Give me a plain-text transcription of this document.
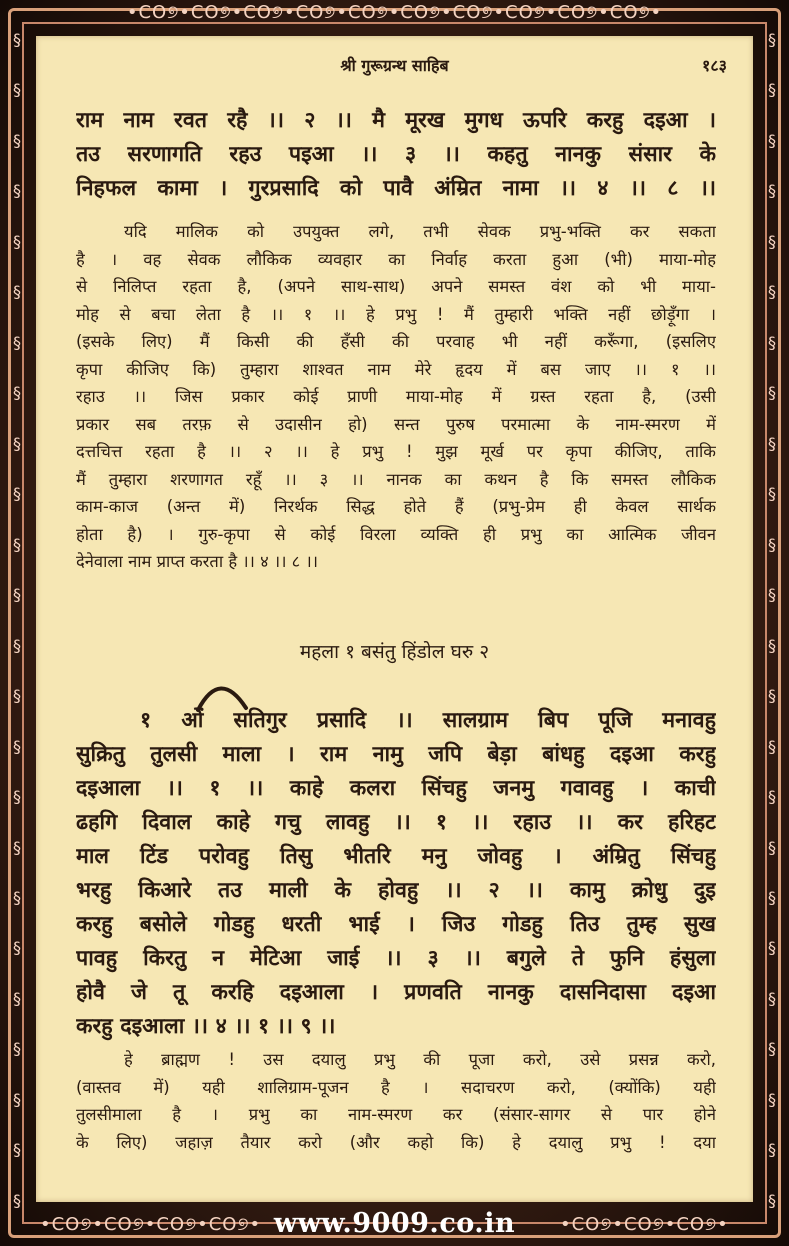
•CO୭•CO୭•CO୭•CO୭•CO୭•CO୭•CO୭•CO୭•CO୭•CO୭•
§
§
§
§
§
§
§
§
§
§
§
§
§
§
§
§
§
§
§
§
§
§
§
§
§
§
§
§
§
§
§
§
§
§
§
§
§
§
§
§
§
§
§
§
§
§
§
§
श्री गुरूग्रन्थ साहिब	१८३
राम नाम रवत रहै ।। २ ।। मै मूरख मुगध ऊपरि करहु दइआ ।
तउ सरणागति रहउ पइआ ।। ३ ।। कहतु नानकु संसार के
निहफल कामा । गुरप्रसादि को पावै अंम्रित नामा ।। ४ ।। ८ ।।
यदि मालिक को उपयुक्त लगे, तभी सेवक प्रभु-भक्ति कर सकता
है । वह सेवक लौकिक व्यवहार का निर्वाह करता हुआ (भी) माया-मोह
से निलिप्त रहता है, (अपने साथ-साथ) अपने समस्त वंश को भी माया-
मोह से बचा लेता है ।। १ ।। हे प्रभु ! मैं तुम्हारी भक्ति नहीं छोड़ूँगा ।
(इसके लिए) मैं किसी की हँसी की परवाह भी नहीं करूँगा, (इसलिए
कृपा कीजिए कि) तुम्हारा शाश्वत नाम मेरे हृदय में बस जाए ।। १ ।।
रहाउ ।। जिस प्रकार कोई प्राणी माया-मोह में ग्रस्त रहता है, (उसी
प्रकार सब तरफ़ से उदासीन हो) सन्त पुरुष परमात्मा के नाम-स्मरण में
दत्तचित्त रहता है ।। २ ।। हे प्रभु ! मुझ मूर्ख पर कृपा कीजिए, ताकि
मैं तुम्हारा शरणागत रहूँ ।। ३ ।। नानक का कथन है कि समस्त लौकिक
काम-काज (अन्त में) निरर्थक सिद्ध होते हैं (प्रभु-प्रेम ही केवल सार्थक
होता है) । गुरु-कृपा से कोई विरला व्यक्ति ही प्रभु का आत्मिक जीवन
देनेवाला नाम प्राप्त करता है ।। ४ ।। ८ ।।
महला १ बसंतु हिंडोल घरु २
१ ओं सतिगुर प्रसादि ।। सालग्राम बिप पूजि मनावहु
सुक्रितु तुलसी माला । राम नामु जपि बेड़ा बांधहु दइआ करहु
दइआला ।। १ ।। काहे कलरा सिंचहु जनमु गवावहु । काची
ढहगि दिवाल काहे गचु लावहु ।। १ ।। रहाउ ।। कर हरिहट
माल टिंड परोवहु तिसु भीतरि मनु जोवहु । अंम्रितु सिंचहु
भरहु किआरे तउ माली के होवहु ।। २ ।। कामु क्रोधु दुइ
करहु बसोले गोडहु धरती भाई । जिउ गोडहु तिउ तुम्ह सुख
पावहु किरतु न मेटिआ जाई ।। ३ ।। बगुले ते फुनि हंसुला
होवै जे तू करहि दइआला । प्रणवति नानकु दासनिदासा दइआ
करहु दइआला ।। ४ ।। १ ।। ९ ।।
हे ब्राह्मण ! उस दयालु प्रभु की पूजा करो, उसे प्रसन्न करो,
(वास्तव में) यही शालिग्राम-पूजन है । सदाचरण करो, (क्योंकि) यही
तुलसीमाला है । प्रभु का नाम-स्मरण कर (संसार-सागर से पार होने
के लिए) जहाज़ तैयार करो (और कहो कि) हे दयालु प्रभु ! दया
•CO୭•CO୭•CO୭•CO୭• www.9009.co.in	•CO୭•CO୭•CO୭•
